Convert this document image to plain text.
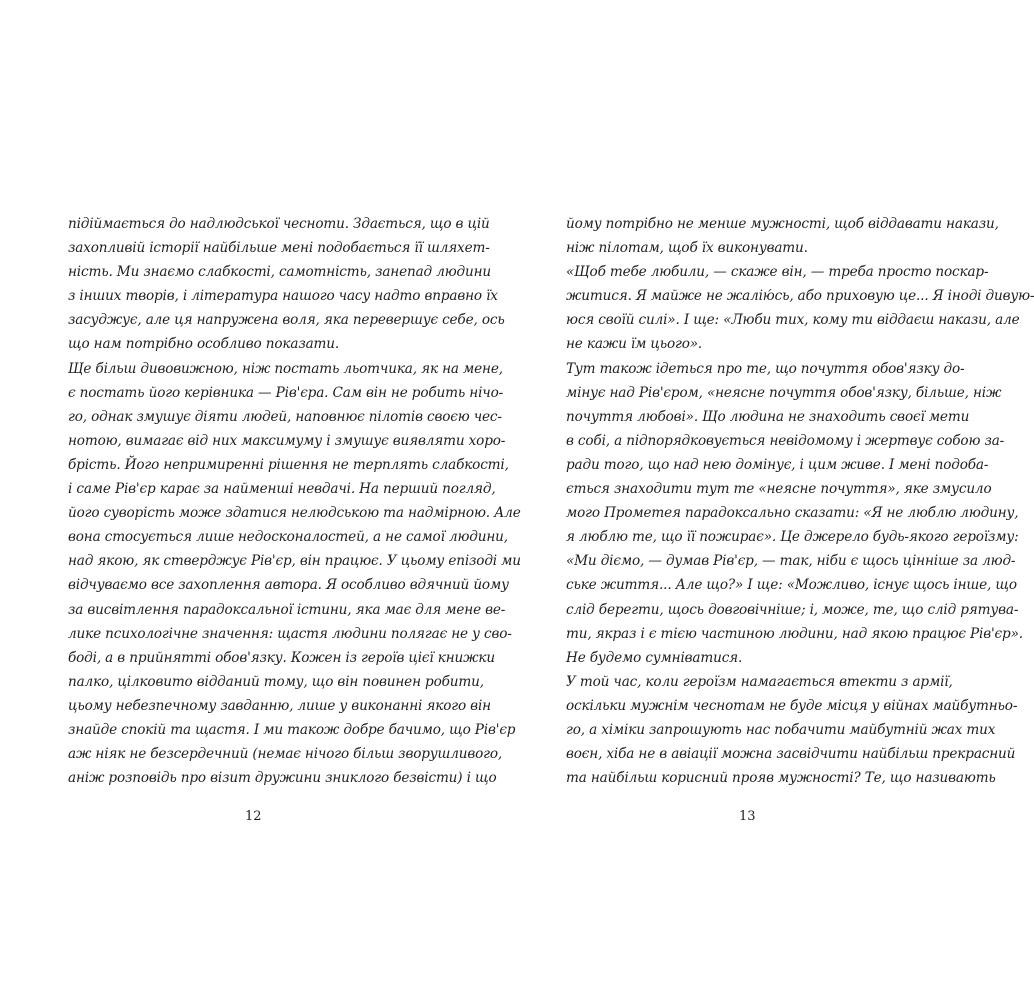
підіймається до надлюдської чесноти. Здається, що в цій

захопливій історії найбільше мені подобається її шляхет-

ність. Ми знаємо слабкості, самотність, занепад людини

з інших творів, і література нашого часу надто вправно їх

засуджує, але ця напружена воля, яка перевершує себе, ось

що нам потрібно особливо показати.

Ще більш дивовижною, ніж постать льотчика, як на мене,

є постать його керівника — Рів'єра. Сам він не робить нічо-

го, однак змушує діяти людей, наповнює пілотів своєю чес-

нотою, вимагає від них максимуму і змушує виявляти хоро-

брість. Його непримиренні рішення не терплять слабкості,

і саме Рів'єр карає за найменші невдачі. На перший погляд,

його суворість може здатися нелюдською та надмірною. Але

вона стосується лише недосконалостей, а не самої людини,

над якою, як стверджує Рів'єр, він працює. У цьому епізоді ми

відчуваємо все захоплення автора. Я особливо вдячний йому

за висвітлення парадоксальної істини, яка має для мене ве-

лике психологічне значення: щастя людини полягає не у сво-

боді, а в прийнятті обов'язку. Кожен із героїв цієї книжки

палко, цілковито відданий тому, що він повинен робити,

цьому небезпечному завданню, лише у виконанні якого він

знайде спокій та щастя. І ми також добре бачимо, що Рів'єр

аж ніяк не безсердечний (немає нічого більш зворушливого,

аніж розповідь про візит дружини зниклого безвісти) і що

йому потрібно не менше мужності, щоб віддавати накази,

ніж пілотам, щоб їх виконувати.

«Щоб тебе любили, — скаже він, — треба просто поскар-

житися. Я майже не жалію́сь, або приховую це... Я іноді дивую-

юся своїй силі». І ще: «Люби тих, кому ти віддаєш накази, але

не кажи їм цього».

Тут також ідеться про те, що почуття обов'язку до-

мінує над Рів'єром, «неясне почуття обов'язку, більше, ніж

почуття любові». Що людина не знаходить своєї мети

в собі, а підпорядковується невідомому і жертвує собою за-

ради того, що над нею домінує, і цим живе. І мені подоба-

ється знаходити тут те «неясне почуття», яке змусило

мого Прометея парадоксально сказати: «Я не люблю людину,

я люблю те, що її пожирає». Це джерело будь-якого героїзму:

«Ми діємо, — думав Рів'єр, — так, ніби є щось цінніше за люд-

ське життя... Але що?» І ще: «Можливо, існує щось інше, що

слід берегти, щось довговічніше; і, може, те, що слід рятува-

ти, якраз і є тією частиною людини, над якою працює Рів'єр».

Не будемо сумніватися.

У той час, коли героїзм намагається втекти з армії,

оскільки мужнім чеснотам не буде місця у війнах майбутньо-

го, а хіміки запрошують нас побачити майбутній жах тих

воєн, хіба не в авіації можна засвідчити найбільш прекрасний

та найбільш корисний прояв мужності? Те, що називають

12	13
